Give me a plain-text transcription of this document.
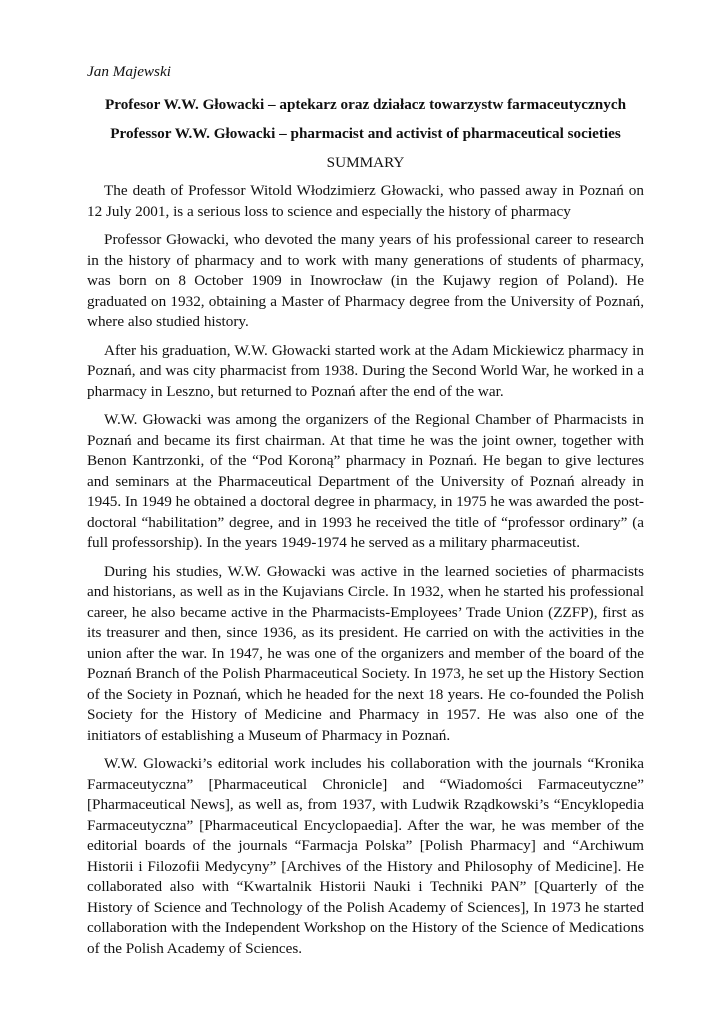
Jan Majewski

Profesor W.W. Głowacki – aptekarz oraz działacz towarzystw farmaceutycznych

Professor W.W. Głowacki – pharmacist and activist of pharmaceutical societies

SUMMARY

The death of Professor Witold Włodzimierz Głowacki, who passed away in Poznań on 12 July 2001, is a serious loss to science and especially the history of pharmacy

Professor Głowacki, who devoted the many years of his professional career to research in the history of pharmacy and to work with many generations of students of pharmacy, was born on 8 October 1909 in Inowrocław (in the Kujawy region of Poland). He graduated on 1932, obtaining a Master of Pharmacy degree from the University of Poznań, where also studied history.

After his graduation, W.W. Głowacki started work at the Adam Mickiewicz pharmacy in Poznań, and was city pharmacist from 1938. During the Second World War, he worked in a pharmacy in Leszno, but returned to Poznań after the end of the war.

W.W. Głowacki was among the organizers of the Regional Chamber of Pharmacists in Poznań and became its first chairman. At that time he was the joint owner, together with Benon Kantrzonki, of the “Pod Koroną” pharmacy in Poznań. He began to give lectures and seminars at the Pharmaceutical Department of the University of Poznań already in 1945. In 1949 he obtained a doctoral degree in pharmacy, in 1975 he was awarded the post-doctoral “habilitation” degree, and in 1993 he received the title of “professor ordinary” (a full professorship). In the years 1949-1974 he served as a military pharmaceutist.

During his studies, W.W. Głowacki was active in the learned societies of pharmacists and historians, as well as in the Kujavians Circle. In 1932, when he started his professional career, he also became active in the Pharmacists-Employees’ Trade Union (ZZFP), first as its treasurer and then, since 1936, as its president. He carried on with the activities in the union after the war. In 1947, he was one of the organizers and member of the board of the Poznań Branch of the Polish Pharmaceutical Society. In 1973, he set up the History Section of the Society in Poznań, which he headed for the next 18 years. He co-founded the Polish Society for the History of Medicine and Pharmacy in 1957. He was also one of the initiators of establishing a Museum of Pharmacy in Poznań.

W.W. Glowacki’s editorial work includes his collaboration with the journals “Kronika Farmaceutyczna” [Pharmaceutical Chronicle] and “Wiadomości Farmaceutyczne” [Pharmaceutical News], as well as, from 1937, with Ludwik Rządkowski’s “Encyklopedia Farmaceutyczna” [Pharmaceutical Encyclopaedia]. After the war, he was member of the editorial boards of the journals “Farmacja Polska” [Polish Pharmacy] and “Archiwum Historii i Filozofii Medycyny” [Archives of the History and Philosophy of Medicine]. He collaborated also with “Kwartalnik Historii Nauki i Techniki PAN” [Quarterly of the History of Science and Technology of the Polish Academy of Sciences], In 1973 he started collaboration with the Independent Workshop on the History of the Science of Medications of the Polish Academy of Sciences.
